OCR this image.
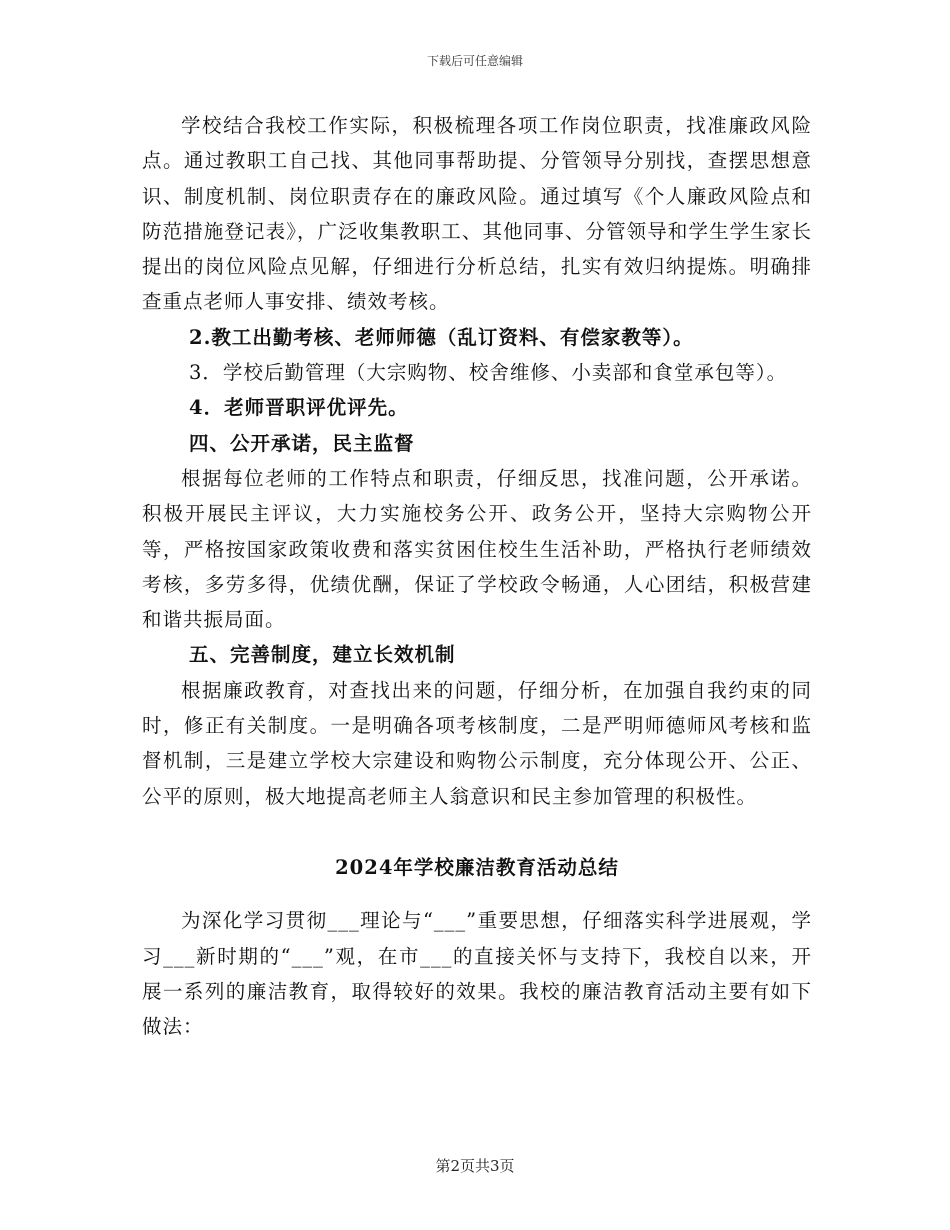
下载后可任意编辑

学校结合我校工作实际，积极梳理各项工作岗位职责，找准廉政风险点。通过教职工自己找、其他同事帮助提、分管领导分别找，查摆思想意识、制度机制、岗位职责存在的廉政风险。通过填写《个人廉政风险点和防范措施登记表》，广泛收集教职工、其他同事、分管领导和学生学生家长提出的岗位风险点见解，仔细进行分析总结，扎实有效归纳提炼。明确排查重点老师人事安排、绩效考核。

2.教工出勤考核、老师师德（乱订资料、有偿家教等）。

3．学校后勤管理（大宗购物、校舍维修、小卖部和食堂承包等）。

4．老师晋职评优评先。

四、公开承诺，民主监督

根据每位老师的工作特点和职责，仔细反思，找准问题，公开承诺。积极开展民主评议，大力实施校务公开、政务公开，坚持大宗购物公开等，严格按国家政策收费和落实贫困住校生生活补助，严格执行老师绩效考核，多劳多得，优绩优酬，保证了学校政令畅通，人心团结，积极营建和谐共振局面。

五、完善制度，建立长效机制

根据廉政教育，对查找出来的问题，仔细分析，在加强自我约束的同时，修正有关制度。一是明确各项考核制度，二是严明师德师风考核和监督机制，三是建立学校大宗建设和购物公示制度，充分体现公开、公正、公平的原则，极大地提高老师主人翁意识和民主参加管理的积极性。

2024年学校廉洁教育活动总结

为深化学习贯彻___理论与“___”重要思想，仔细落实科学进展观，学习___新时期的“___”观，在市___的直接关怀与支持下，我校自以来，开展一系列的廉洁教育，取得较好的效果。我校的廉洁教育活动主要有如下做法：

第2页共3页
